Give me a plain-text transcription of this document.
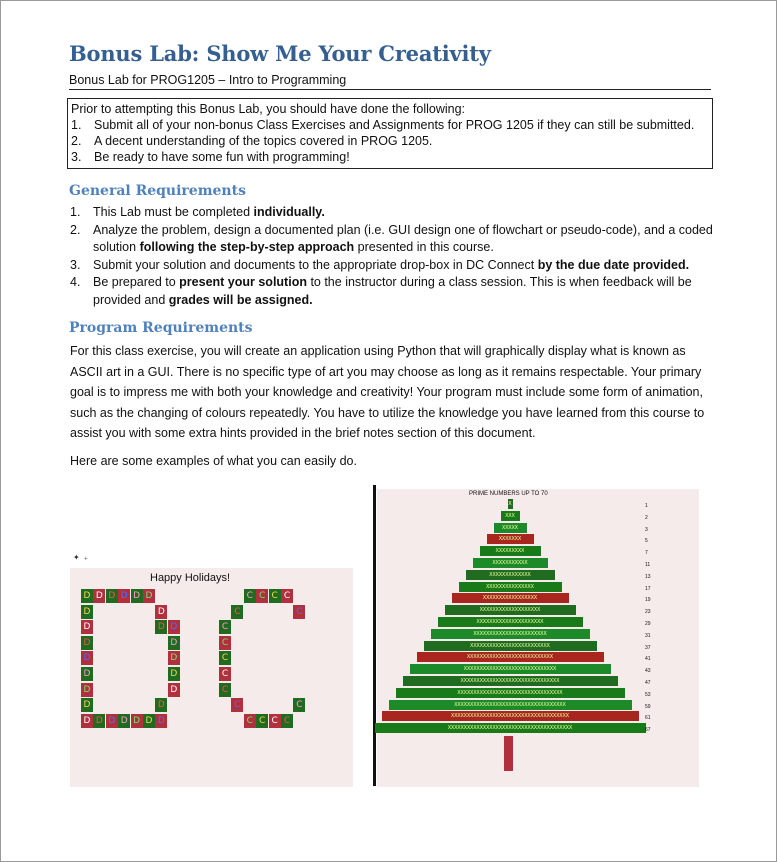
Bonus Lab: Show Me Your Creativity
Bonus Lab for PROG1205 – Intro to Programming
Prior to attempting this Bonus Lab, you should have done the following:
1. Submit all of your non-bonus Class Exercises and Assignments for PROG 1205 if they can still be submitted.
2. A decent understanding of the topics covered in PROG 1205.
3. Be ready to have some fun with programming!
General Requirements
1. This Lab must be completed individually.
2. Analyze the problem, design a documented plan (i.e. GUI design one of flowchart or pseudo-code), and a coded solution following the step-by-step approach presented in this course.
3. Submit your solution and documents to the appropriate drop-box in DC Connect by the due date provided.
4. Be prepared to present your solution to the instructor during a class session. This is when feedback will be provided and grades will be assigned.
Program Requirements
For this class exercise, you will create an application using Python that will graphically display what is known as ASCII art in a GUI. There is no specific type of art you may choose as long as it remains respectable. Your primary goal is to impress me with both your knowledge and creativity! Your program must include some form of animation, such as the changing of colours repeatedly. You have to utilize the knowledge you have learned from this course to assist you with some extra hints provided in the brief notes section of this document.
Here are some examples of what you can easily do.
✦ ﹢
Happy Holidays!
D D D D D D
D
D
D
D
D
D
D
D D D D D D
D
D D
D
D
D
D
D
D
C C C C
C	C
C
C
C
C
C
C	C
C C C C
PRIME NUMBERS UP TO 70
X
XXX
XXXXX
XXXXXXX
XXXXXXXXX
XXXXXXXXXXX
XXXXXXXXXXXXX
XXXXXXXXXXXXXXX
XXXXXXXXXXXXXXXXX
XXXXXXXXXXXXXXXXXXX
XXXXXXXXXXXXXXXXXXXXX
XXXXXXXXXXXXXXXXXXXXXXX
XXXXXXXXXXXXXXXXXXXXXXXXX
XXXXXXXXXXXXXXXXXXXXXXXXXXX
XXXXXXXXXXXXXXXXXXXXXXXXXXXXX
XXXXXXXXXXXXXXXXXXXXXXXXXXXXXXX
XXXXXXXXXXXXXXXXXXXXXXXXXXXXXXXXX
XXXXXXXXXXXXXXXXXXXXXXXXXXXXXXXXXXX
XXXXXXXXXXXXXXXXXXXXXXXXXXXXXXXXXXXXX
XXXXXXXXXXXXXXXXXXXXXXXXXXXXXXXXXXXXXXX
1
2
3
5
7
11
13
17
19
23
29
31
37
41
43
47
53
59
61
67
